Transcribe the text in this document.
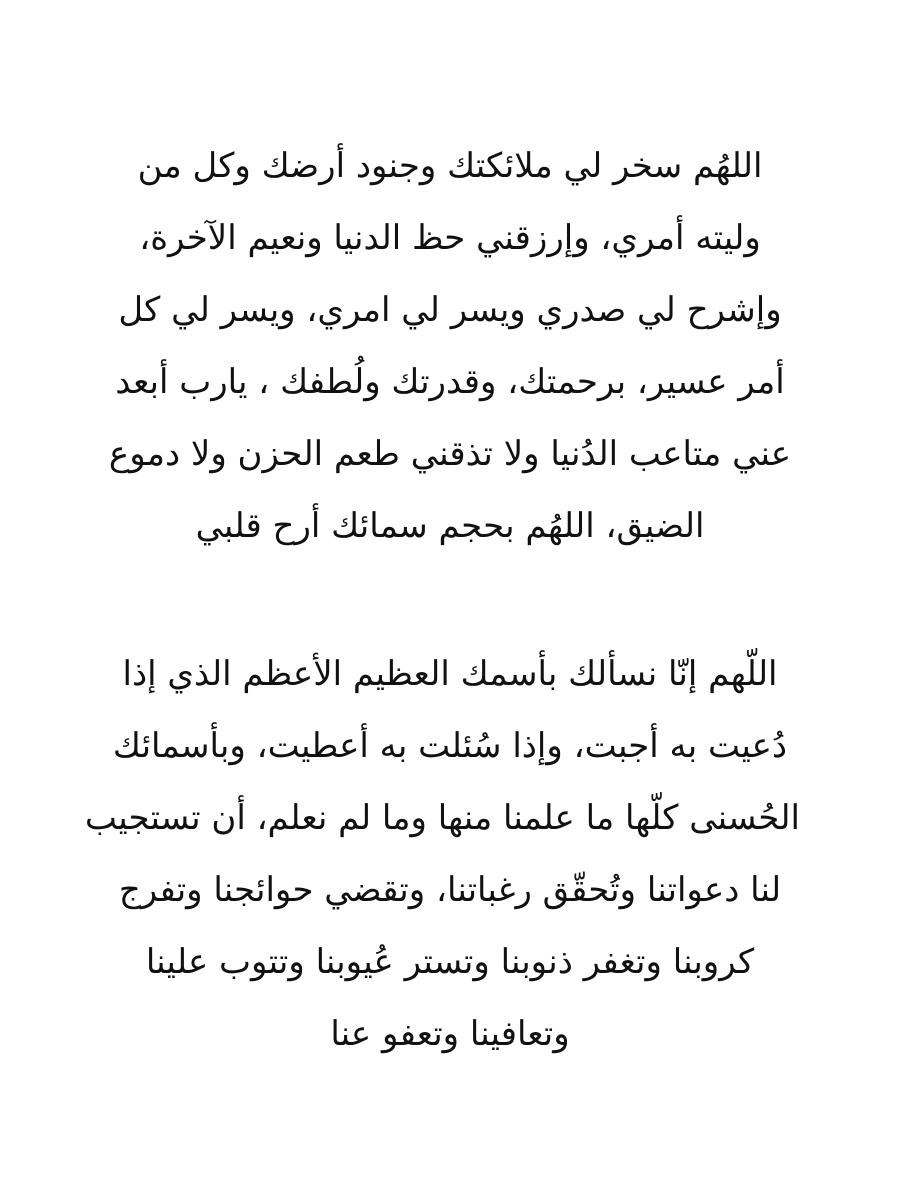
اللهُم سخر لي ملائكتك وجنود أرضك وكل من
وليته أمري، وإرزقني حظ الدنيا ونعيم الآخرة،
وإشرح لي صدري ويسر لي امري، ويسر لي كل
أمر عسير، برحمتك، وقدرتك ولُطفك ، يارب أبعد
عني متاعب الدُنيا ولا تذقني طعم الحزن ولا دموع
الضيق، اللهُم بحجم سمائك أرح قلبي
اللّهم إنّا نسألك بأسمك العظيم الأعظم الذي إذا
دُعيت به أجبت، وإذا سُئلت به أعطيت، وبأسمائك
الحُسنى كلّها ما علمنا منها وما لم نعلم، أن تستجيب
لنا دعواتنا وتُحقّق رغباتنا، وتقضي حوائجنا وتفرج
كروبنا وتغفر ذنوبنا وتستر عُيوبنا وتتوب علينا
وتعافينا وتعفو عنا
